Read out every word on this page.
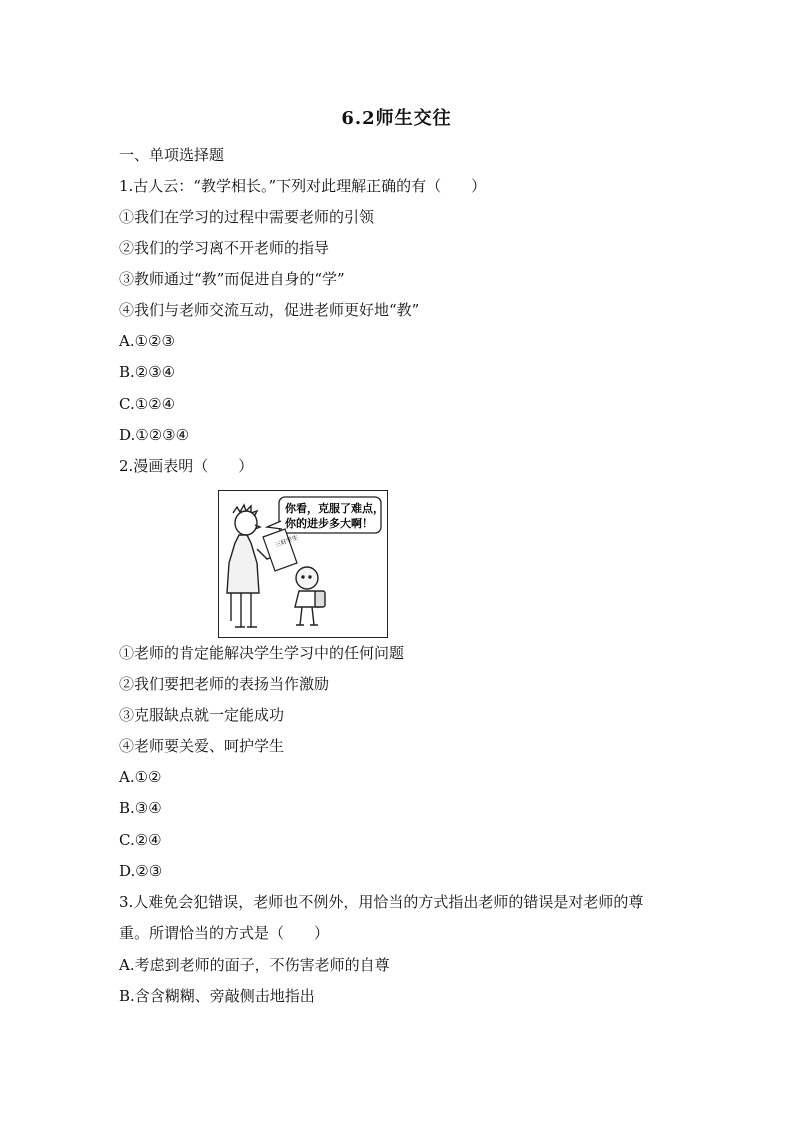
6.2师生交往
一、单项选择题
1.古人云：“教学相长。”下列对此理解正确的有（　　）
①我们在学习的过程中需要老师的引领
②我们的学习离不开老师的指导
③教师通过“教”而促进自身的“学”
④我们与老师交流互动，促进老师更好地“教”
A.①②③
B.②③④
C.①②④
D.①②③④
2.漫画表明（　　）
你看，克服了难点，
你的进步多大啊！
三好学生
①老师的肯定能解决学生学习中的任何问题
②我们要把老师的表扬当作激励
③克服缺点就一定能成功
④老师要关爱、呵护学生
A.①②
B.③④
C.②④
D.②③
3.人难免会犯错误，老师也不例外，用恰当的方式指出老师的错误是对老师的尊
重。所谓恰当的方式是（　　）
A.考虑到老师的面子，不伤害老师的自尊
B.含含糊糊、旁敲侧击地指出
